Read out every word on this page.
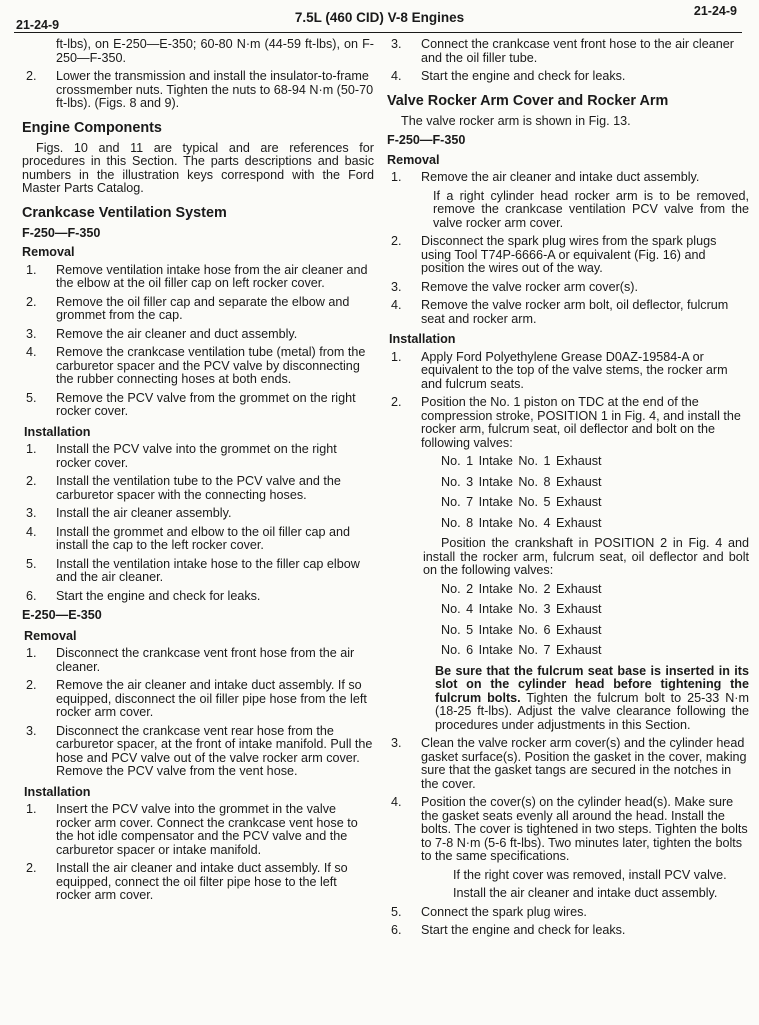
21-24-9	7.5L (460 CID) V-8 Engines	21-24-9
ft-lbs), on E-250—E-350; 60-80 N·m (44-59 ft-lbs), on F-250—F-350.
2. Lower the transmission and install the insulator-to-frame crossmember nuts. Tighten the nuts to 68-94 N·m (50-70 ft-lbs). (Figs. 8 and 9).
Engine Components
Figs. 10 and 11 are typical and are references for procedures in this Section. The parts descriptions and basic numbers in the illustration keys correspond with the Ford Master Parts Catalog.
Crankcase Ventilation System
F-250—F-350
Removal
1. Remove ventilation intake hose from the air cleaner and the elbow at the oil filler cap on left rocker cover.
2. Remove the oil filler cap and separate the elbow and grommet from the cap.
3. Remove the air cleaner and duct assembly.
4. Remove the crankcase ventilation tube (metal) from the carburetor spacer and the PCV valve by disconnecting the rubber connecting hoses at both ends.
5. Remove the PCV valve from the grommet on the right rocker cover.
Installation
1. Install the PCV valve into the grommet on the right rocker cover.
2. Install the ventilation tube to the PCV valve and the carburetor spacer with the connecting hoses.
3. Install the air cleaner assembly.
4. Install the grommet and elbow to the oil filler cap and install the cap to the left rocker cover.
5. Install the ventilation intake hose to the filler cap elbow and the air cleaner.
6. Start the engine and check for leaks.
E-250—E-350
Removal
1. Disconnect the crankcase vent front hose from the air cleaner.
2. Remove the air cleaner and intake duct assembly. If so equipped, disconnect the oil filler pipe hose from the left rocker arm cover.
3. Disconnect the crankcase vent rear hose from the carburetor spacer, at the front of intake manifold. Pull the hose and PCV valve out of the valve rocker arm cover. Remove the PCV valve from the vent hose.
Installation
1. Insert the PCV valve into the grommet in the valve rocker arm cover. Connect the crankcase vent hose to the hot idle compensator and the PCV valve and the carburetor spacer or intake manifold.
2. Install the air cleaner and intake duct assembly. If so equipped, connect the oil filter pipe hose to the left rocker arm cover.
3. Connect the crankcase vent front hose to the air cleaner and the oil filler tube.
4. Start the engine and check for leaks.
Valve Rocker Arm Cover and Rocker Arm
The valve rocker arm is shown in Fig. 13.
F-250—F-350
Removal
1. Remove the air cleaner and intake duct assembly.
If a right cylinder head rocker arm is to be removed, remove the crankcase ventilation PCV valve from the valve rocker arm cover.
2. Disconnect the spark plug wires from the spark plugs using Tool T74P-6666-A or equivalent (Fig. 16) and position the wires out of the way.
3. Remove the valve rocker arm cover(s).
4. Remove the valve rocker arm bolt, oil deflector, fulcrum seat and rocker arm.
Installation
1. Apply Ford Polyethylene Grease D0AZ-19584-A or equivalent to the top of the valve stems, the rocker arm and fulcrum seats.
2. Position the No. 1 piston on TDC at the end of the compression stroke, POSITION 1 in Fig. 4, and install the rocker arm, fulcrum seat, oil deflector and bolt on the following valves:
No. 1 Intake No. 1 Exhaust
No. 3 Intake No. 8 Exhaust
No. 7 Intake No. 5 Exhaust
No. 8 Intake No. 4 Exhaust
Position the crankshaft in POSITION 2 in Fig. 4 and install the rocker arm, fulcrum seat, oil deflector and bolt on the following valves:
No. 2 Intake No. 2 Exhaust
No. 4 Intake No. 3 Exhaust
No. 5 Intake No. 6 Exhaust
No. 6 Intake No. 7 Exhaust
Be sure that the fulcrum seat base is inserted in its slot on the cylinder head before tightening the fulcrum bolts. Tighten the fulcrum bolt to 25-33 N·m (18-25 ft-lbs). Adjust the valve clearance following the procedures under adjustments in this Section.
3. Clean the valve rocker arm cover(s) and the cylinder head gasket surface(s). Position the gasket in the cover, making sure that the gasket tangs are secured in the notches in the cover.
4. Position the cover(s) on the cylinder head(s). Make sure the gasket seats evenly all around the head. Install the bolts. The cover is tightened in two steps. Tighten the bolts to 7-8 N·m (5-6 ft-lbs). Two minutes later, tighten the bolts to the same specifications.
If the right cover was removed, install PCV valve.
Install the air cleaner and intake duct assembly.
5. Connect the spark plug wires.
6. Start the engine and check for leaks.
